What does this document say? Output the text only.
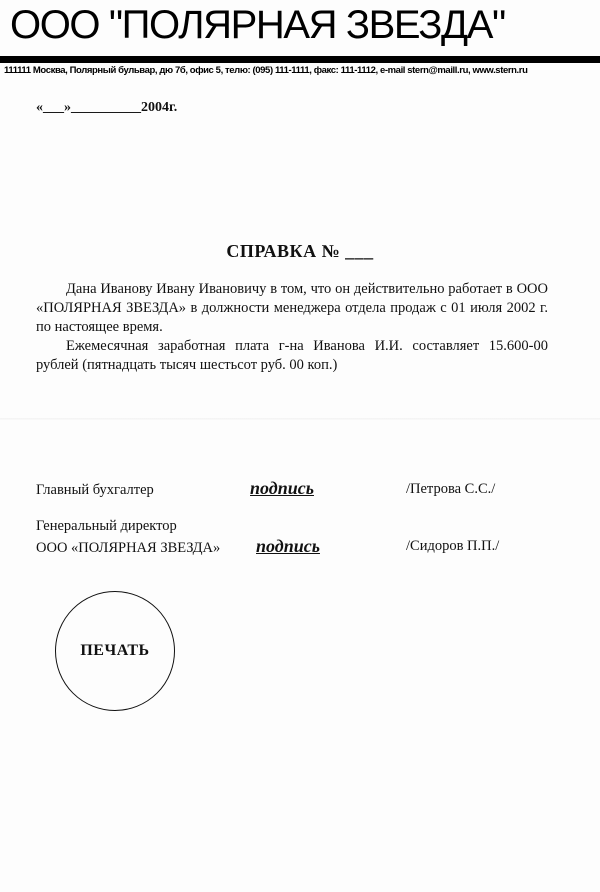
ООО "ПОЛЯРНАЯ ЗВЕЗДА"
111111 Москва, Полярный бульвар, дю 7б, офис 5, телю: (095) 111-1111, факс: 111-1112, e-mail stern@maill.ru, www.stern.ru
«___»__________2004г.
СПРАВКА № ___

Дана Иванову Ивану Ивановичу в том, что он действительно работает в ООО «ПОЛЯРНАЯ ЗВЕЗДА» в должности менеджера отдела продаж с 01 июля 2002 г. по настоящее время.

Ежемесячная заработная плата г-на Иванова И.И. составляет 15.600-00 рублей (пятнадцать тысяч шестьсот руб. 00 коп.)

Главный бухгалтер	подпись	/Петрова С.С./
Генеральный директор
ООО «ПОЛЯРНАЯ ЗВЕЗДА» подпись	/Сидоров П.П./
ПЕЧАТЬ
